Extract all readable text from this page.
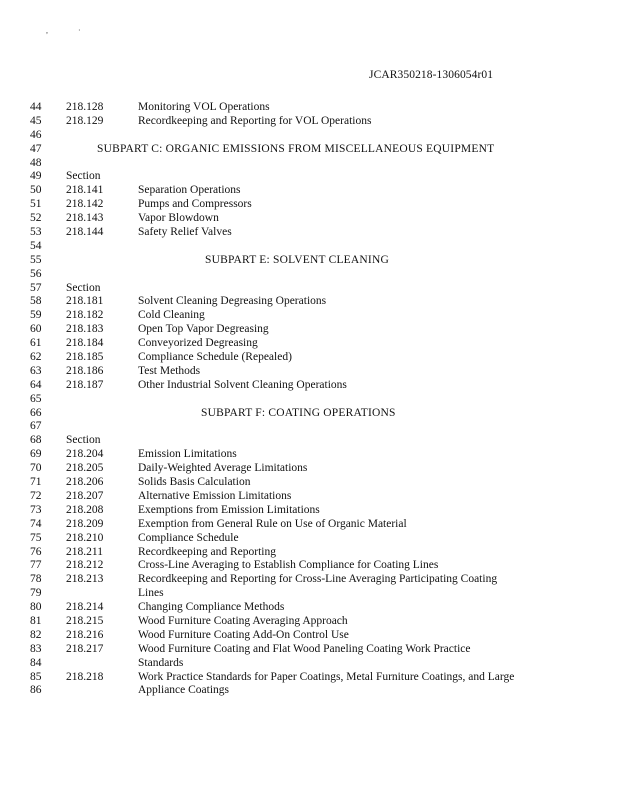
,	·
JCAR350218-1306054r01
44	218.128	Monitoring VOL Operations
45	218.129	Recordkeeping and Reporting for VOL Operations
46
47	SUBPART C: ORGANIC EMISSIONS FROM MISCELLANEOUS EQUIPMENT
48
49	Section
50	218.141	Separation Operations
51	218.142	Pumps and Compressors
52	218.143	Vapor Blowdown
53	218.144	Safety Relief Valves
54
55	SUBPART E: SOLVENT CLEANING
56
57	Section
58	218.181	Solvent Cleaning Degreasing Operations
59	218.182	Cold Cleaning
60	218.183	Open Top Vapor Degreasing
61	218.184	Conveyorized Degreasing
62	218.185	Compliance Schedule (Repealed)
63	218.186	Test Methods
64	218.187	Other Industrial Solvent Cleaning Operations
65
66	SUBPART F: COATING OPERATIONS
67
68	Section
69	218.204	Emission Limitations
70	218.205	Daily-Weighted Average Limitations
71	218.206	Solids Basis Calculation
72	218.207	Alternative Emission Limitations
73	218.208	Exemptions from Emission Limitations
74	218.209	Exemption from General Rule on Use of Organic Material
75	218.210	Compliance Schedule
76	218.211	Recordkeeping and Reporting
77	218.212	Cross-Line Averaging to Establish Compliance for Coating Lines
78	218.213	Recordkeeping and Reporting for Cross-Line Averaging Participating Coating
79	Lines
80	218.214	Changing Compliance Methods
81	218.215	Wood Furniture Coating Averaging Approach
82	218.216	Wood Furniture Coating Add-On Control Use
83	218.217	Wood Furniture Coating and Flat Wood Paneling Coating Work Practice
84	Standards
85	218.218	Work Practice Standards for Paper Coatings, Metal Furniture Coatings, and Large
86	Appliance Coatings
